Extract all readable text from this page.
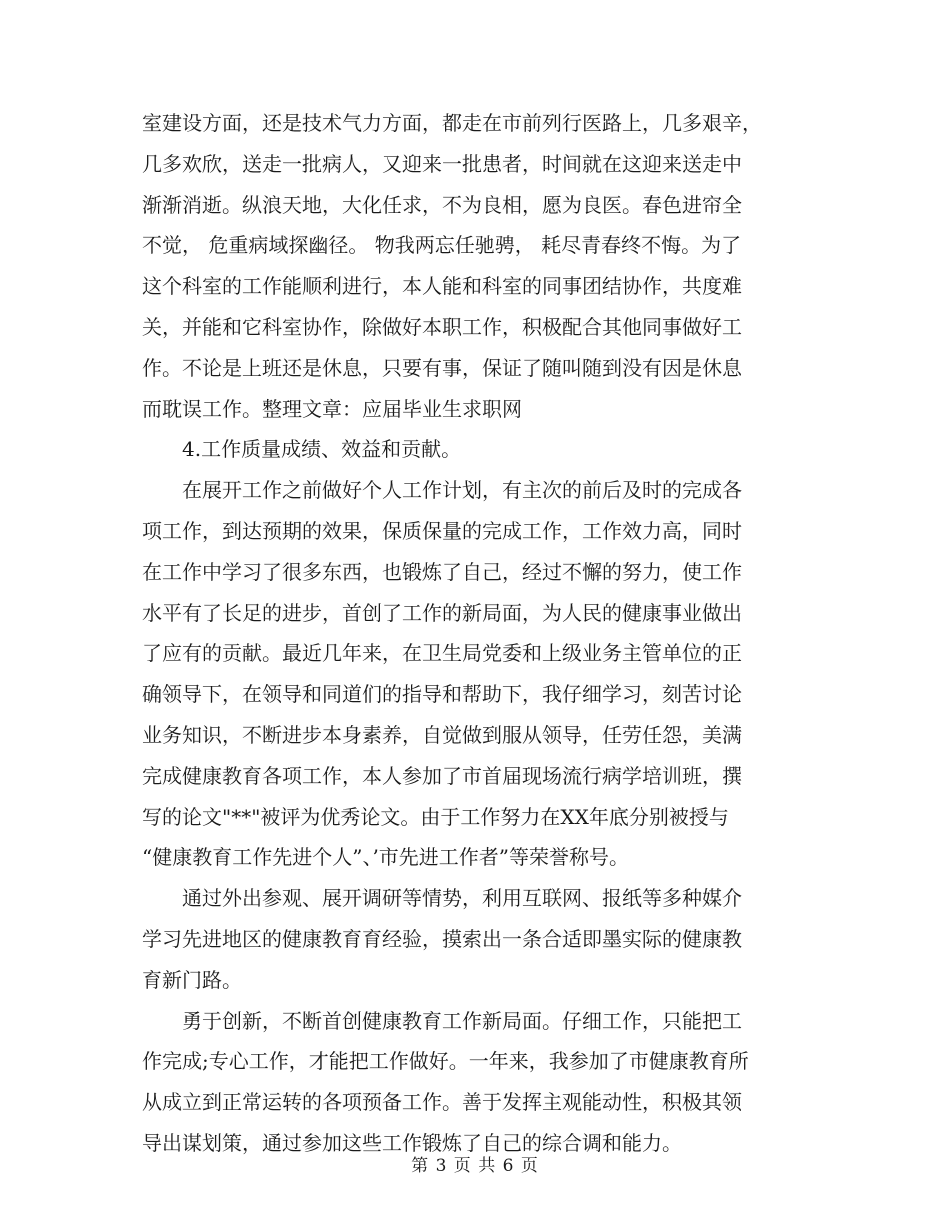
室建设方面，还是技术气力方面，都走在市前列行医路上，几多艰辛，
几多欢欣，送走一批病人，又迎来一批患者，时间就在这迎来送走中
渐渐消逝。纵浪天地，大化任求，不为良相，愿为良医。春色进帘全
不觉， 危重病域探幽径。 物我两忘任驰骋， 耗尽青春终不悔。为了
这个科室的工作能顺利进行，本人能和科室的同事团结协作，共度难
关，并能和它科室协作，除做好本职工作，积极配合其他同事做好工
作。不论是上班还是休息，只要有事，保证了随叫随到没有因是休息
而耽误工作。整理文章：应届毕业生求职网
4.工作质量成绩、效益和贡献。
在展开工作之前做好个人工作计划，有主次的前后及时的完成各
项工作，到达预期的效果，保质保量的完成工作，工作效力高，同时
在工作中学习了很多东西，也锻炼了自己，经过不懈的努力，使工作
水平有了长足的进步，首创了工作的新局面，为人民的健康事业做出
了应有的贡献。最近几年来，在卫生局党委和上级业务主管单位的正
确领导下，在领导和同道们的指导和帮助下，我仔细学习，刻苦讨论
业务知识，不断进步本身素养，自觉做到服从领导，任劳任怨，美满
完成健康教育各项工作，本人参加了市首届现场流行病学培训班，撰
写的论文"**"被评为优秀论文。由于工作努力在XX年底分别被授与
“健康教育工作先进个人”、’市先进工作者”等荣誉称号。
通过外出参观、展开调研等情势，利用互联网、报纸等多种媒介
学习先进地区的健康教育育经验，摸索出一条合适即墨实际的健康教
育新门路。
勇于创新，不断首创健康教育工作新局面。仔细工作，只能把工
作完成;专心工作，才能把工作做好。一年来，我参加了市健康教育所
从成立到正常运转的各项预备工作。善于发挥主观能动性，积极其领
导出谋划策，通过参加这些工作锻炼了自己的综合调和能力。
第 3 页 共 6 页
